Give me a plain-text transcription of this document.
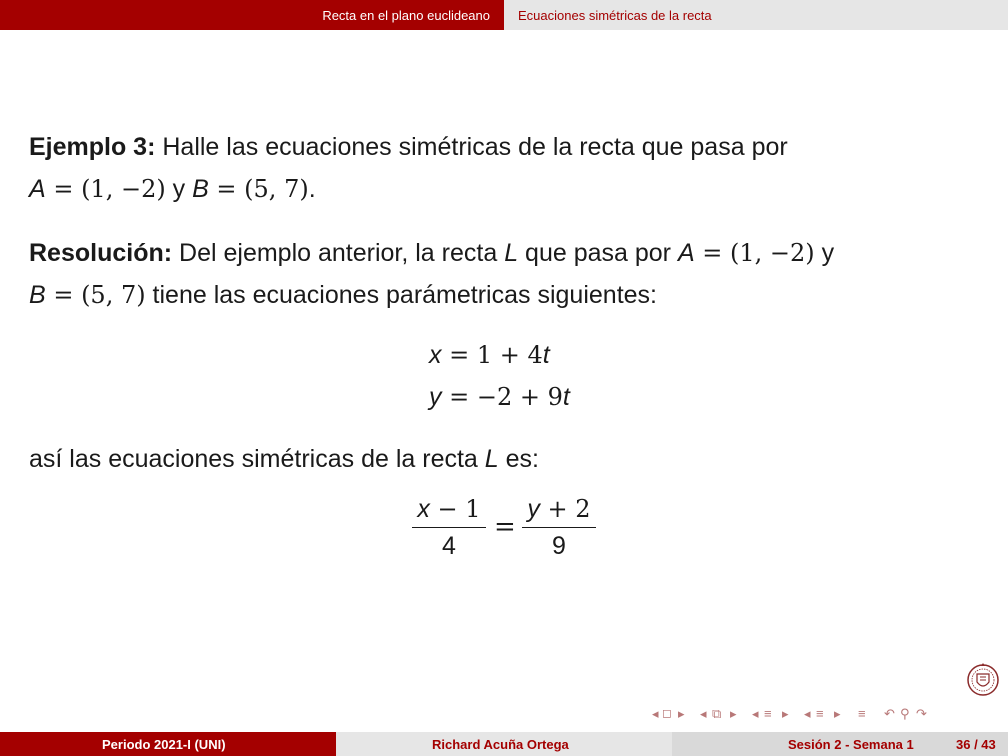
Recta en el plano euclideano Ecuaciones simétricas de la recta
Ejemplo 3: Halle las ecuaciones simétricas de la recta que pasa por
A = (1, −2) y B = (5, 7).
Resolución: Del ejemplo anterior, la recta L que pasa por A = (1, −2) y
B = (5, 7) tiene las ecuaciones parámetricas siguientes:
x = 1 + 4t
y = −2 + 9t
así las ecuaciones simétricas de la recta L es:
x − 1
4
=
y + 2
9
◂ ◻ ▸ ◂ ⧉ ▸ ◂ ≡ ▸ ◂ ≡ ▸ ≡ ↶ ⚲ ↷
Periodo 2021-I (UNI)	Richard Acuña Ortega	Sesión 2 - Semana 1	36 / 43
